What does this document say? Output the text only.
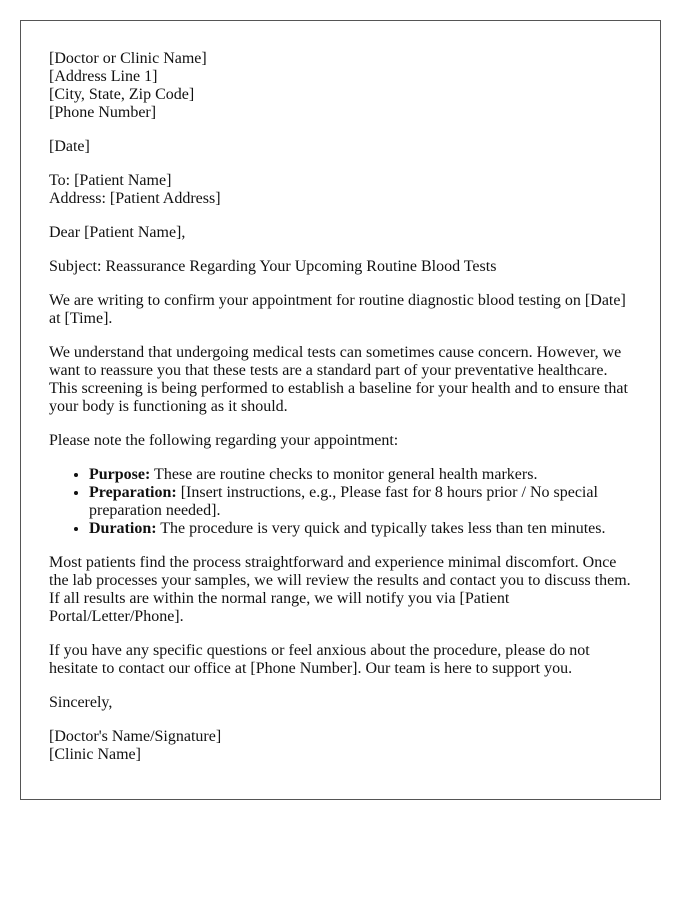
[Doctor or Clinic Name]
[Address Line 1]
[City, State, Zip Code]
[Phone Number]

[Date]

To: [Patient Name]
Address: [Patient Address]

Dear [Patient Name],

Subject: Reassurance Regarding Your Upcoming Routine Blood Tests

We are writing to confirm your appointment for routine diagnostic blood testing on [Date] at [Time].

We understand that undergoing medical tests can sometimes cause concern. However, we want to reassure you that these tests are a standard part of your preventative healthcare. This screening is being performed to establish a baseline for your health and to ensure that your body is functioning as it should.

Please note the following regarding your appointment:

• Purpose: These are routine checks to monitor general health markers.
• Preparation: [Insert instructions, e.g., Please fast for 8 hours prior / No special preparation needed].
• Duration: The procedure is very quick and typically takes less than ten minutes.

Most patients find the process straightforward and experience minimal discomfort. Once the lab processes your samples, we will review the results and contact you to discuss them. If all results are within the normal range, we will notify you via [Patient Portal/Letter/Phone].

If you have any specific questions or feel anxious about the procedure, please do not hesitate to contact our office at [Phone Number]. Our team is here to support you.

Sincerely,

[Doctor's Name/Signature]
[Clinic Name]
